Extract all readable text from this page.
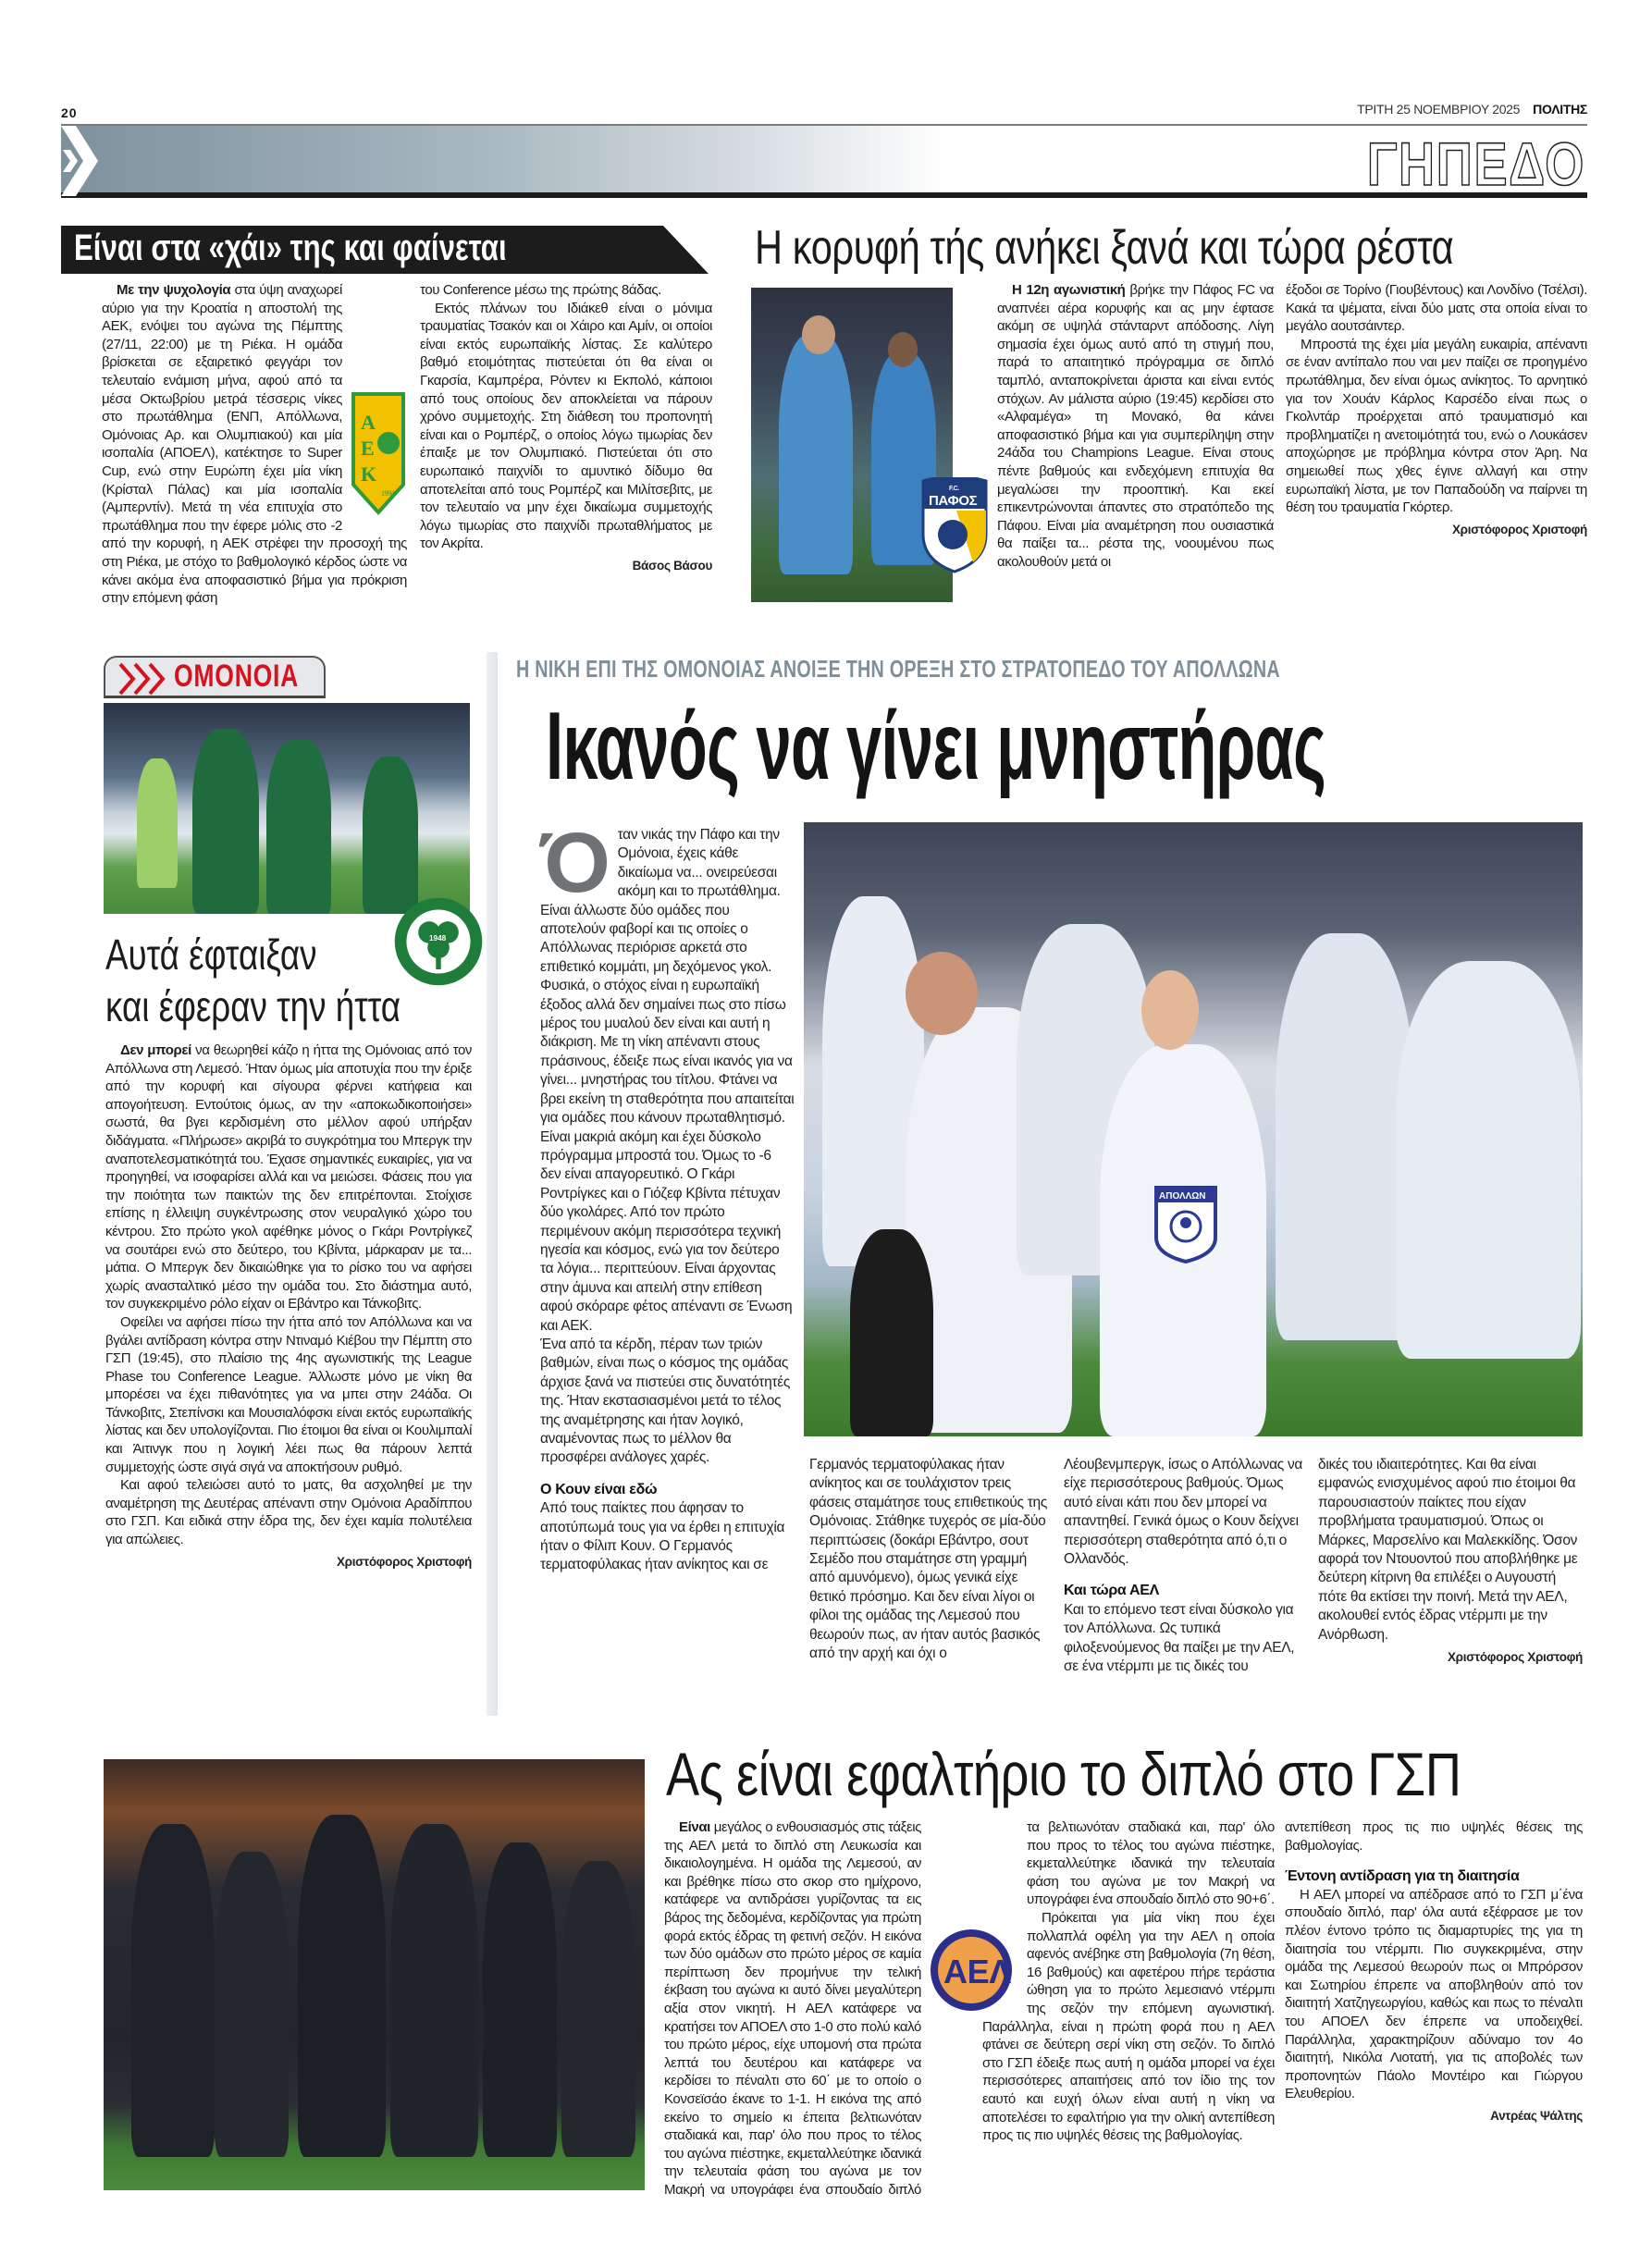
20	ΤΡΙΤΗ 25 ΝΟΕΜΒΡΙΟΥ 2025 ΠΟΛΙΤΗΣ
ΓΗΠΕΔΟ
Είναι στα «χάι» της και φαίνεται
Α
Ε
Κ
1994

Με την ψυχολογία στα ύψη αναχωρεί αύριο για την Κροατία η αποστολή της ΑΕΚ, ενόψει του αγώνα της Πέμπτης (27/11, 22:00) με τη Ριέκα. Η ομάδα βρίσκεται σε εξαιρετικό φεγγάρι τον τελευταίο ενάμιση μήνα, αφού από τα μέσα Οκτωβρίου μετρά τέσσερις νίκες στο πρωτάθλημα (ΕΝΠ, Απόλλωνα, Ομόνοιας Αρ. και Ολυμπιακού) και μία ισοπαλία (ΑΠΟΕΛ), κατέκτησε το Super Cup, ενώ στην Ευρώπη έχει μία νίκη (Κρίσταλ Πάλας) και μία ισοπαλία (Αμπερντίν). Μετά τη νέα επιτυχία στο πρωτάθλημα που την έφερε μόλις στο -2 από την κορυφή, η ΑΕΚ στρέφει την προσοχή της στη Ριέκα, με στόχο το βαθμολογικό κέρδος ώστε να κάνει ακόμα ένα αποφασιστικό βήμα για πρόκριση στην επόμενη φάση

του Conference μέσω της πρώτης 8άδας.

Εκτός πλάνων του Ιδιάκεθ είναι ο μόνιμα τραυματίας Τσακόν και οι Χάιρο και Αμίν, οι οποίοι είναι εκτός ευρωπαϊκής λίστας. Σε καλύτερο βαθμό ετοιμότητας πιστεύεται ότι θα είναι οι Γκαρσία, Καμπρέρα, Ρόντεν κι Εκπολό, κάποιοι από τους οποίους δεν αποκλείεται να πάρουν χρόνο συμμετοχής. Στη διάθεση του προπονητή είναι και ο Ρομπέρζ, ο οποίος λόγω τιμωρίας δεν έπαιξε με τον Ολυμπιακό. Πιστεύεται ότι στο ευρωπαικό παιχνίδι το αμυντικό δίδυμο θα αποτελείται από τους Ρομπέρζ και Μιλίτσεβιτς, με τον τελευταίο να μην έχει δικαίωμα συμμετοχής λόγω τιμωρίας στο παιχνίδι πρωταθλήματος με τον Ακρίτα.

Βάσος Βάσου
Η κορυφή τής ανήκει ξανά και τώρα ρέστα
F.C.
ΠΑΦΟΣ

Η 12η αγωνιστική βρήκε την Πάφος FC να αναπνέει αέρα κορυφής και ας μην έφτασε ακόμη σε υψηλά στάνταρντ απόδοσης. Λίγη σημασία έχει όμως αυτό από τη στιγμή που, παρά το απαιτητικό πρόγραμμα σε διπλό ταμπλό, ανταποκρίνεται άριστα και είναι εντός στόχων. Αν μάλιστα αύριο (19:45) κερδίσει στο «Αλφαμέγα» τη Μονακό, θα κάνει αποφασιστικό βήμα και για συμπερίληψη στην 24άδα του Champions League. Είναι στους πέντε βαθμούς και ενδεχόμενη επιτυχία θα μεγαλώσει την προοπτική. Και εκεί επικεντρώνονται άπαντες στο στρατόπεδο της Πάφου. Είναι μία αναμέτρηση που ουσιαστικά θα παίξει τα... ρέστα της, νοουμένου πως ακολουθούν μετά οι

έξοδοι σε Τορίνο (Γιουβέντους) και Λονδίνο (Τσέλσι). Κακά τα ψέματα, είναι δύο ματς στα οποία είναι το μεγάλο αουτσάιντερ.

Μπροστά της έχει μία μεγάλη ευκαιρία, απέναντι σε έναν αντίπαλο που ναι μεν παίζει σε προηγμένο πρωτάθλημα, δεν είναι όμως ανίκητος. Το αρνητικό για τον Χουάν Κάρλος Καρσέδο είναι πως ο Γκολντάρ προέρχεται από τραυματισμό και προβληματίζει η ανετοιμότητά του, ενώ ο Λουκάσεν αποχώρησε με πρόβλημα κόντρα στον Άρη. Να σημειωθεί πως χθες έγινε αλλαγή και στην ευρωπαϊκή λίστα, με τον Παπαδούδη να παίρνει τη θέση του τραυματία Γκόρτερ.

Χριστόφορος Χριστοφή
ΟΜΟΝΟΙΑ
1948
Αυτά έφταιξαν
και έφεραν την ήττα

Δεν μπορεί να θεωρηθεί κάζο η ήττα της Ομόνοιας από τον Απόλλωνα στη Λεμεσό. Ήταν όμως μία αποτυχία που την έριξε από την κορυφή και σίγουρα φέρνει κατήφεια και απογοήτευση. Εντούτοις όμως, αν την «αποκωδικοποιήσει» σωστά, θα βγει κερδισμένη στο μέλλον αφού υπήρξαν διδάγματα. «Πλήρωσε» ακριβά το συγκρότημα του Μπεργκ την αναποτελεσματικότητά του. Έχασε σημαντικές ευκαιρίες, για να προηγηθεί, να ισοφαρίσει αλλά και να μειώσει. Φάσεις που για την ποιότητα των παικτών της δεν επιτρέπονται. Στοίχισε επίσης η έλλειψη συγκέντρωσης στον νευραλγικό χώρο του κέντρου. Στο πρώτο γκολ αφέθηκε μόνος ο Γκάρι Ροντρίγκεζ να σουτάρει ενώ στο δεύτερο, του Κβίντα, μάρκαραν με τα... μάτια. Ο Μπεργκ δεν δικαιώθηκε για το ρίσκο του να αφήσει χωρίς ανασταλτικό μέσο την ομάδα του. Στο διάστημα αυτό, τον συγκεκριμένο ρόλο είχαν οι Εβάντρο και Τάνκοβιτς.

Οφείλει να αφήσει πίσω την ήττα από τον Απόλλωνα και να βγάλει αντίδραση κόντρα στην Ντιναμό Κιέβου την Πέμπτη στο ΓΣΠ (19:45), στο πλαίσιο της 4ης αγωνιστικής της League Phase του Conference League. Άλλωστε μόνο με νίκη θα μπορέσει να έχει πιθανότητες για να μπει στην 24άδα. Οι Τάνκοβιτς, Στεπίνσκι και Μουσιαλόφσκι είναι εκτός ευρωπαϊκής λίστας και δεν υπολογίζονται. Πιο έτοιμοι θα είναι οι Κουλιμπαλί και Άιτινγκ που η λογική λέει πως θα πάρουν λεπτά συμμετοχής ώστε σιγά σιγά να αποκτήσουν ρυθμό.

Και αφού τελειώσει αυτό το ματς, θα ασχοληθεί με την αναμέτρηση της Δευτέρας απέναντι στην Ομόνοια Αραδίππου στο ΓΣΠ. Και ειδικά στην έδρα της, δεν έχει καμία πολυτέλεια για απώλειες.

Χριστόφορος Χριστοφή
Η ΝΙΚΗ ΕΠΙ ΤΗΣ ΟΜΟΝΟΙΑΣ ΑΝΟΙΞΕ ΤΗΝ ΟΡΕΞΗ ΣΤΟ ΣΤΡΑΤΟΠΕΔΟ ΤΟΥ ΑΠΟΛΛΩΝΑ
Ικανός να γίνει μνηστήρας
ΑΠΟΛΛΩΝ
Ό ταν νικάς την Πάφο και την Ομόνοια, έχεις κάθε δικαίωμα να... ονειρεύεσαι ακόμη και το πρωτάθλημα.

Είναι άλλωστε δύο ομάδες που αποτελούν φαβορί και τις οποίες ο Απόλλωνας περιόρισε αρκετά στο επιθετικό κομμάτι, μη δεχόμενος γκολ. Φυσικά, ο στόχος είναι η ευρωπαϊκή έξοδος αλλά δεν σημαίνει πως στο πίσω μέρος του μυαλού δεν είναι και αυτή η διάκριση. Με τη νίκη απέναντι στους πράσινους, έδειξε πως είναι ικανός για να γίνει... μνηστήρας του τίτλου. Φτάνει να βρει εκείνη τη σταθερότητα που απαιτείται για ομάδες που κάνουν πρωταθλητισμό. Είναι μακριά ακόμη και έχει δύσκολο πρόγραμμα μπροστά του. Όμως το -6 δεν είναι απαγορευτικό. Ο Γκάρι Ροντρίγκες και ο Γιόζεφ Κβίντα πέτυχαν δύο γκολάρες. Από τον πρώτο περιμένουν ακόμη περισσότερα τεχνική ηγεσία και κόσμος, ενώ για τον δεύτερο τα λόγια... περιττεύουν. Είναι άρχοντας στην άμυνα και απειλή στην επίθεση αφού σκόραρε φέτος απέναντι σε Ένωση και ΑΕΚ.

Ένα από τα κέρδη, πέραν των τριών βαθμών, είναι πως ο κόσμος της ομάδας άρχισε ξανά να πιστεύει στις δυνατότητές της. Ήταν εκστασιασμένοι μετά το τέλος της αναμέτρησης και ήταν λογικό, αναμένοντας πως το μέλλον θα προσφέρει ανάλογες χαρές.

Ο Κουν είναι εδώ

Από τους παίκτες που άφησαν το αποτύπωμά τους για να έρθει η επιτυχία ήταν ο Φίλιπ Κουν. Ο Γερμανός τερματοφύλακας ήταν ανίκητος και σε

Γερμανός τερματοφύλακας ήταν ανίκητος και σε τουλάχιστον τρεις φάσεις σταμάτησε τους επιθετικούς της Ομόνοιας. Στάθηκε τυχερός σε μία-δύο περιπτώσεις (δοκάρι Εβάντρο, σουτ Σεμέδο που σταμάτησε στη γραμμή από αμυνόμενο), όμως γενικά είχε θετικό πρόσημο. Και δεν είναι λίγοι οι φίλοι της ομάδας της Λεμεσού που θεωρούν πως, αν ήταν αυτός βασικός από την αρχή και όχι ο

Λέουβενμπεργκ, ίσως ο Απόλλωνας να είχε περισσότερους βαθμούς. Όμως αυτό είναι κάτι που δεν μπορεί να απαντηθεί. Γενικά όμως ο Κουν δείχνει περισσότερη σταθερότητα από ό,τι ο Ολλανδός.

Και τώρα ΑΕΛ

Και το επόμενο τεστ είναι δύσκολο για τον Απόλλωνα. Ως τυπικά φιλοξενούμενος θα παίξει με την ΑΕΛ, σε ένα ντέρμπι με τις δικές του

δικές του ιδιαιτερότητες. Και θα είναι εμφανώς ενισχυμένος αφού πιο έτοιμοι θα παρουσιαστούν παίκτες που είχαν προβλήματα τραυματισμού. Όπως οι Μάρκες, Μαρσελίνο και Μαλεκκίδης. Όσον αφορά τον Ντουοντού που αποβλήθηκε με δεύτερη κίτρινη θα επιλέξει ο Αυγουστή πότε θα εκτίσει την ποινή. Μετά την ΑΕΛ, ακολουθεί εντός έδρας ντέρμπι με την Ανόρθωση.

Χριστόφορος Χριστοφή
Ας είναι εφαλτήριο το διπλό στο ΓΣΠ
ΑΕΛ

Είναι μεγάλος ο ενθουσιασμός στις τάξεις της ΑΕΛ μετά το διπλό στη Λευκωσία και δικαιολογημένα. Η ομάδα της Λεμεσού, αν και βρέθηκε πίσω στο σκορ στο ημίχρονο, κατάφερε να αντιδράσει γυρίζοντας τα εις βάρος της δεδομένα, κερδίζοντας για πρώτη φορά εκτός έδρας τη φετινή σεζόν. Η εικόνα των δύο ομάδων στο πρώτο μέρος σε καμία περίπτωση δεν προμήνυε την τελική έκβαση του αγώνα κι αυτό δίνει μεγαλύτερη αξία στον νικητή. Η ΑΕΛ κατάφερε να κρατήσει τον ΑΠΟΕΛ στο 1-0 στο πολύ καλό του πρώτο μέρος, είχε υπομονή στα πρώτα λεπτά του δευτέρου και κατάφερε να κερδίσει το πέναλτι στο 60΄ με το οποίο ο Κονσεϊσάο έκανε το 1-1. Η εικόνα της από εκείνο το σημείο κι έπειτα βελτιωνόταν σταδιακά και, παρ' όλο που προς το τέλος του αγώνα πιέστηκε, εκμεταλλεύτηκε ιδανικά την τελευταία φάση του αγώνα με τον Μακρή να υπογράφει ένα σπουδαίο διπλό

τα βελτιωνόταν σταδιακά και, παρ' όλο που προς το τέλος του αγώνα πιέστηκε, εκμεταλλεύτηκε ιδανικά την τελευταία φάση του αγώνα με τον Μακρή να υπογράφει ένα σπουδαίο διπλό στο 90+6΄.

Πρόκειται για μία νίκη που έχει πολλαπλά οφέλη για την ΑΕΛ η οποία αφενός ανέβηκε στη βαθμολογία (7η θέση, 16 βαθμούς) και αφετέρου πήρε τεράστια ώθηση για το πρώτο λεμεσιανό ντέρμπι της σεζόν την επόμενη αγωνιστική. Παράλληλα, είναι η πρώτη φορά που η ΑΕΛ φτάνει σε δεύτερη σερί νίκη στη σεζόν. Το διπλό στο ΓΣΠ έδειξε πως αυτή η ομάδα μπορεί να έχει περισσότερες απαιτήσεις από τον ίδιο της τον εαυτό και ευχή όλων είναι αυτή η νίκη να αποτελέσει το εφαλτήριο για την ολική αντεπίθεση προς τις πιο υψηλές θέσεις της βαθμολογίας.

αντεπίθεση προς τις πιο υψηλές θέσεις της βαθμολογίας.

Έντονη αντίδραση για τη διαιτησία

Η ΑΕΛ μπορεί να απέδρασε από το ΓΣΠ μ΄ένα σπουδαίο διπλό, παρ' όλα αυτά εξέφρασε με τον πλέον έντονο τρόπο τις διαμαρτυρίες της για τη διαιτησία του ντέρμπι. Πιο συγκεκριμένα, στην ομάδα της Λεμεσού θεωρούν πως οι Μπρόρσον και Σωτηρίου έπρεπε να αποβληθούν από τον διαιτητή Χατζηγεωργίου, καθώς και πως το πέναλτι του ΑΠΟΕΛ δεν έπρεπε να υποδειχθεί. Παράλληλα, χαρακτηρίζουν αδύναμο τον 4ο διαιτητή, Νικόλα Λιοτατή, για τις αποβολές των προπονητών Πάολο Μοντέιρο και Γιώργου Ελευθερίου.

Αντρέας Ψάλτης
